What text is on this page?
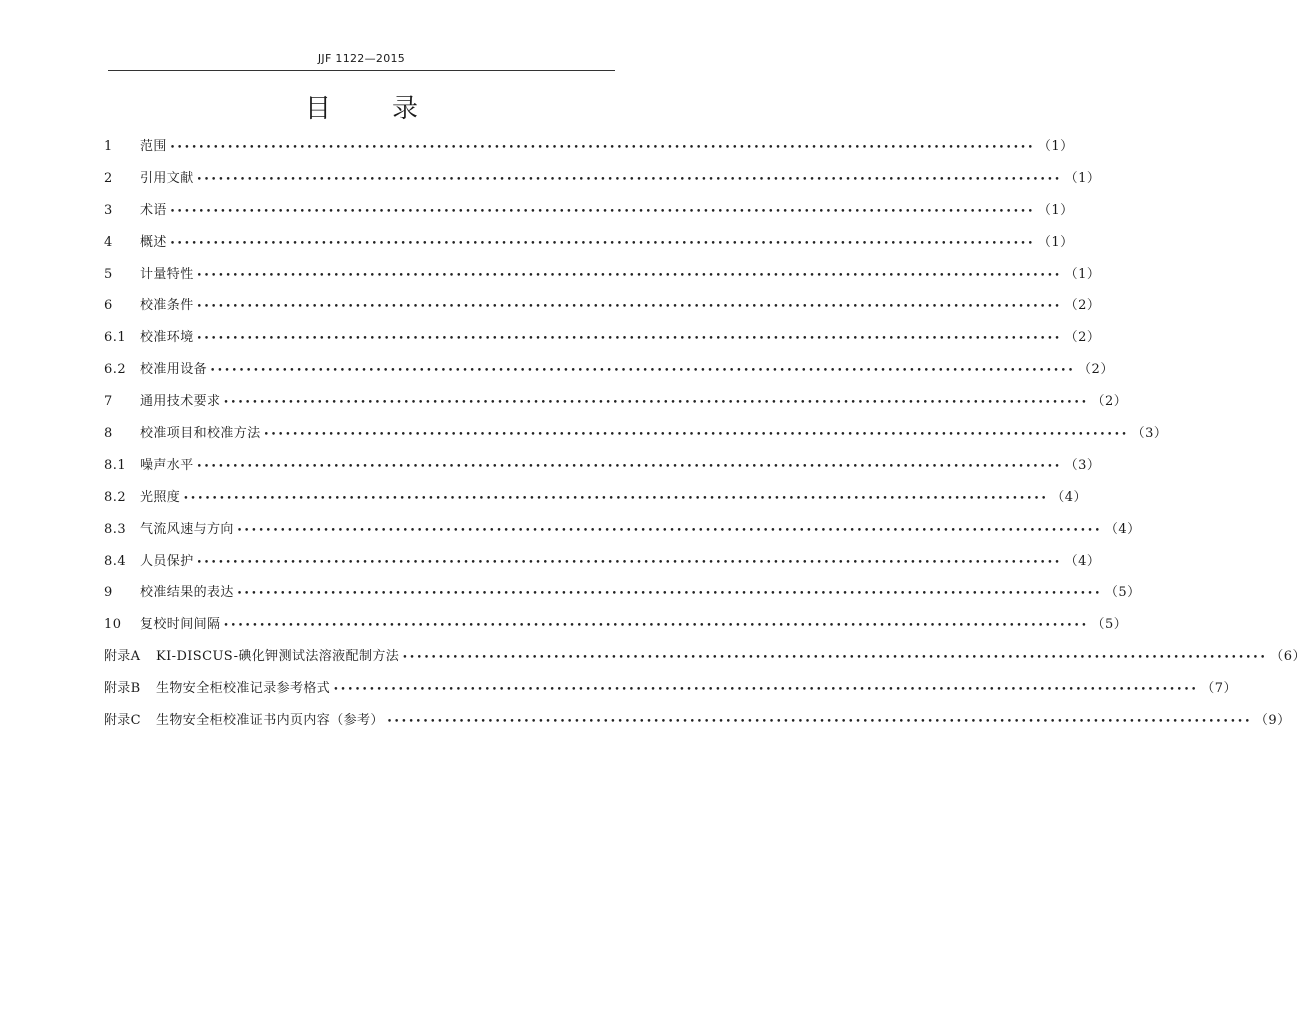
JJF 1122—2015
目 录
1	范围 •••••••••••••••••••••••••••••••••••••••••••••••••••••••••••••••••••••••••••••••••••••••••••••••••••••••••••••••••••••••• （1）
2	引用文献 •••••••••••••••••••••••••••••••••••••••••••••••••••••••••••••••••••••••••••••••••••••••••••••••••••••••••••••••••••••••• （1）
3	术语 •••••••••••••••••••••••••••••••••••••••••••••••••••••••••••••••••••••••••••••••••••••••••••••••••••••••••••••••••••••••• （1）
4	概述 •••••••••••••••••••••••••••••••••••••••••••••••••••••••••••••••••••••••••••••••••••••••••••••••••••••••••••••••••••••••• （1）
5	计量特性 •••••••••••••••••••••••••••••••••••••••••••••••••••••••••••••••••••••••••••••••••••••••••••••••••••••••••••••••••••••••• （1）
6	校准条件 •••••••••••••••••••••••••••••••••••••••••••••••••••••••••••••••••••••••••••••••••••••••••••••••••••••••••••••••••••••••• （2）
6.1	校准环境 •••••••••••••••••••••••••••••••••••••••••••••••••••••••••••••••••••••••••••••••••••••••••••••••••••••••••••••••••••••••• （2）
6.2	校准用设备 •••••••••••••••••••••••••••••••••••••••••••••••••••••••••••••••••••••••••••••••••••••••••••••••••••••••••••••••••••••••• （2）
7	通用技术要求 •••••••••••••••••••••••••••••••••••••••••••••••••••••••••••••••••••••••••••••••••••••••••••••••••••••••••••••••••••••••• （2）
8	校准项目和校准方法 •••••••••••••••••••••••••••••••••••••••••••••••••••••••••••••••••••••••••••••••••••••••••••••••••••••••••••••••••••••••• （3）
8.1	噪声水平 •••••••••••••••••••••••••••••••••••••••••••••••••••••••••••••••••••••••••••••••••••••••••••••••••••••••••••••••••••••••• （3）
8.2	光照度 •••••••••••••••••••••••••••••••••••••••••••••••••••••••••••••••••••••••••••••••••••••••••••••••••••••••••••••••••••••••• （4）
8.3	气流风速与方向 •••••••••••••••••••••••••••••••••••••••••••••••••••••••••••••••••••••••••••••••••••••••••••••••••••••••••••••••••••••••• （4）
8.4	人员保护 •••••••••••••••••••••••••••••••••••••••••••••••••••••••••••••••••••••••••••••••••••••••••••••••••••••••••••••••••••••••• （4）
9	校准结果的表达 •••••••••••••••••••••••••••••••••••••••••••••••••••••••••••••••••••••••••••••••••••••••••••••••••••••••••••••••••••••••• （5）
10	复校时间间隔 •••••••••••••••••••••••••••••••••••••••••••••••••••••••••••••••••••••••••••••••••••••••••••••••••••••••••••••••••••••••• （5）
附录A	KI-DISCUS-碘化钾测试法溶液配制方法 •••••••••••••••••••••••••••••••••••••••••••••••••••••••••••••••••••••••••••••••••••••••••••••••••••••••••••••••••••••••• （6）
附录B	生物安全柜校准记录参考格式 •••••••••••••••••••••••••••••••••••••••••••••••••••••••••••••••••••••••••••••••••••••••••••••••••••••••••••••••••••••••• （7）
附录C	生物安全柜校准证书内页内容（参考） •••••••••••••••••••••••••••••••••••••••••••••••••••••••••••••••••••••••••••••••••••••••••••••••••••••••••••••••••••••••• （9）
